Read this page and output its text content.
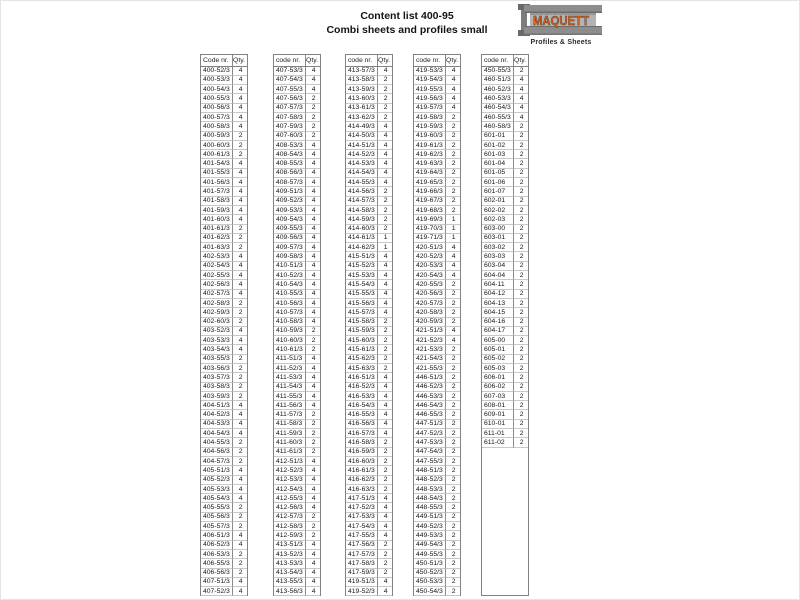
Content list 400-95
Combi sheets and profiles small
MAQUETT
Profiles & Sheets
Code nr. Qty.
400-52/3	4
400-53/3	4
400-54/3	4
400-55/3	4
400-56/3	4
400-57/3	4
400-58/3	4
400-59/3	2
400-60/3	2
400-61/3	2
401-54/3	4
401-55/3	4
401-56/3	4
401-57/3	4
401-58/3	4
401-59/3	4
401-60/3	4
401-61/3	2
401-62/3	2
401-63/3	2
402-53/3	4
402-54/3	4
402-55/3	4
402-56/3	4
402-57/3	4
402-58/3	2
402-59/3	2
402-60/3	2
403-52/3	4
403-53/3	4
403-54/3	4
403-55/3	2
403-56/3	2
403-57/3	2
403-58/3	2
403-59/3	2
404-51/3	4
404-52/3	4
404-53/3	4
404-54/3	4
404-55/3	2
404-56/3	2
404-57/3	2
405-51/3	4
405-52/3	4
405-53/3	4
405-54/3	4
405-55/3	2
405-56/3	2
405-57/3	2
406-51/3	4
406-52/3	4
406-53/3	2
406-55/3	2
406-56/3	2
407-51/3	4
407-52/3	4
code nr. Qty.
407-53/3	4
407-54/3	4
407-55/3	4
407-56/3	2
407-57/3	2
407-58/3	2
407-59/3	2
407-60/3	2
408-53/3	4
408-54/3	4
408-55/3	4
408-56/3	4
408-57/3	4
409-51/3	4
409-52/3	4
409-53/3	4
409-54/3	4
409-55/3	4
409-56/3	4
409-57/3	4
409-58/3	4
410-51/3	4
410-52/3	4
410-54/3	4
410-55/3	4
410-56/3	4
410-57/3	4
410-58/3	4
410-59/3	2
410-60/3	2
410-61/3	2
411-51/3	4
411-52/3	4
411-53/3	4
411-54/3	4
411-55/3	4
411-56/3	4
411-57/3	2
411-58/3	2
411-59/3	2
411-60/3	2
411-61/3	2
412-51/3	4
412-52/3	4
412-53/3	4
412-54/3	4
412-55/3	4
412-56/3	4
412-57/3	2
412-58/3	2
412-59/3	2
413-51/3	4
413-52/3	4
413-53/3	4
413-54/3	4
413-55/3	4
413-56/3	4
code nr. Qty.
413-57/3	4
413-58/3	2
413-59/3	2
413-60/3	2
413-61/3	2
413-62/3	2
414-49/3	4
414-50/3	4
414-51/3	4
414-52/3	4
414-53/3	4
414-54/3	4
414-55/3	4
414-56/3	2
414-57/3	2
414-58/3	2
414-59/3	2
414-60/3	2
414-61/3	1
414-62/3	1
415-51/3	4
415-52/3	4
415-53/3	4
415-54/3	4
415-55/3	4
415-56/3	4
415-57/3	4
415-58/3	2
415-59/3	2
415-60/3	2
415-61/3	2
415-62/3	2
415-63/3	2
416-51/3	4
416-52/3	4
416-53/3	4
416-54/3	4
416-55/3	4
416-56/3	4
416-57/3	4
416-58/3	2
416-59/3	2
416-60/3	2
416-61/3	2
416-62/3	2
416-63/3	2
417-51/3	4
417-52/3	4
417-53/3	4
417-54/3	4
417-55/3	4
417-56/3	2
417-57/3	2
417-58/3	2
417-59/3	2
419-51/3	4
419-52/3	4
code nr. Qty.
419-53/3	4
419-54/3	4
419-55/3	4
419-56/3	4
419-57/3	4
419-58/3	2
419-59/3	2
419-60/3	2
419-61/3	2
419-62/3	2
419-63/3	2
419-64/3	2
419-65/3	2
419-66/3	2
419-67/3	2
419-68/3	2
419-69/3	1
419-70/3	1
419-71/3	1
420-51/3	4
420-52/3	4
420-53/3	4
420-54/3	4
420-55/3	2
420-56/3	2
420-57/3	2
420-58/3	2
420-59/3	2
421-51/3	4
421-52/3	4
421-53/3	2
421-54/3	2
421-55/3	2
446-51/3	2
446-52/3	2
446-53/3	2
446-54/3	2
446-55/3	2
447-51/3	2
447-52/3	2
447-53/3	2
447-54/3	2
447-55/3	2
448-51/3	2
448-52/3	2
448-53/3	2
448-54/3	2
448-55/3	2
449-51/3	2
449-52/3	2
449-53/3	2
449-54/3	2
449-55/3	2
450-51/3	2
450-52/3	2
450-53/3	2
450-54/3	2
code nr. Qty.
450-55/3	2
460-51/3	4
460-52/3	4
460-53/3	4
460-54/3	4
460-55/3	4
460-58/3	2
601-01	2
601-02	2
601-03	2
601-04	2
601-05	2
601-06	2
601-07	2
602-01	2
602-02	2
602-03	2
603-00	2
603-01	2
603-02	2
603-03	2
603-04	2
604-04	2
604-11	2
604-12	2
604-13	2
604-15	2
604-16	2
604-17	2
605-00	2
605-01	2
605-02	2
605-03	2
606-01	2
606-02	2
607-03	2
608-01	2
609-01	2
610-01	2
611-01	2
611-02	2
